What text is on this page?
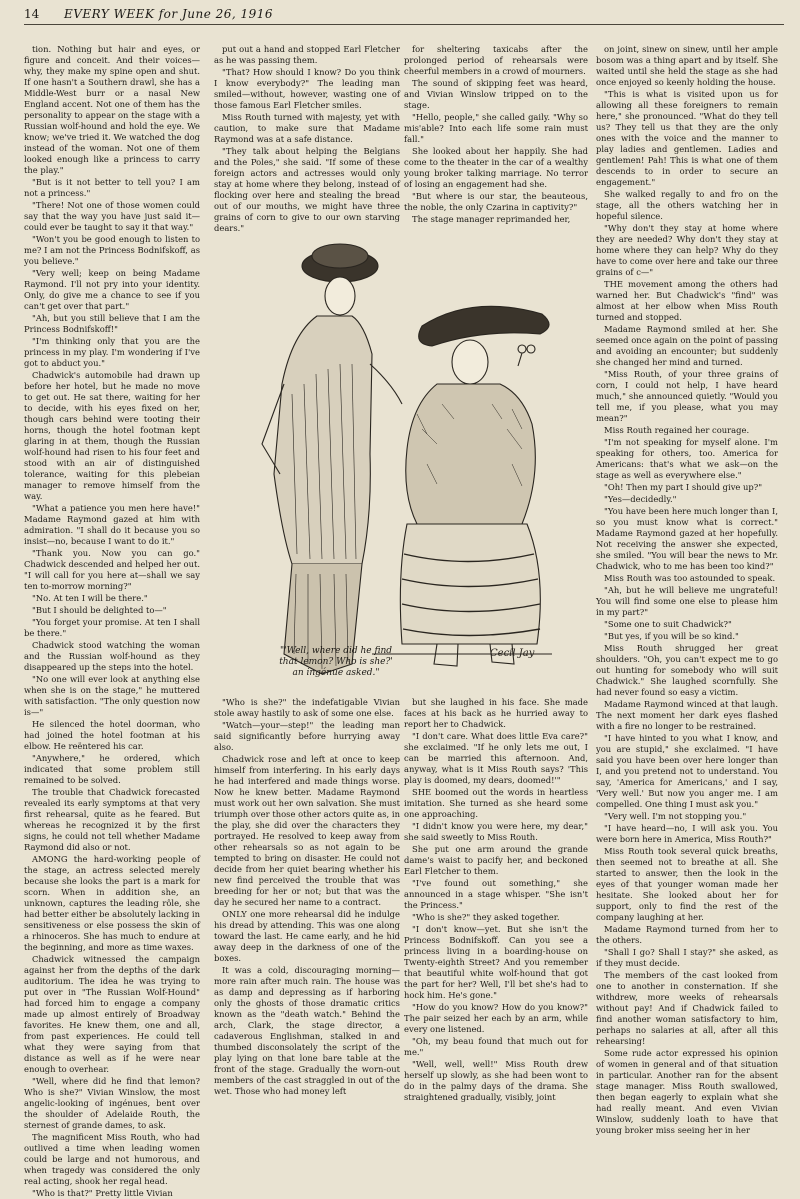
14 EVERY WEEK for June 26, 1916

tion. Nothing but hair and eyes, or figure and conceit. And their voices—why, they make my spine open and shut. If one hasn't a Southern drawl, she has a Middle-West burr or a nasal New England accent. Not one of them has the personality to appear on the stage with a Russian wolf-hound and hold the eye. We know; we've tried it. We watched the dog instead of the woman. Not one of them looked enough like a princess to carry the play."

"But is it not better to tell you? I am not a princess."

"There! Not one of those women could say that the way you have just said it—could ever be taught to say it that way."

"Won't you be good enough to listen to me? I am not the Princess Bodnifskoff, as you believe."

"Very well; keep on being Madame Raymond. I'll not pry into your identity. Only, do give me a chance to see if you can't get over that part."

"Ah, but you still believe that I am the Princess Bodnifskoff!"

"I'm thinking only that you are the princess in my play. I'm wondering if I've got to abduct you."

Chadwick's automobile had drawn up before her hotel, but he made no move to get out. He sat there, waiting for her to decide, with his eyes fixed on her, though cars behind were tooting their horns, though the hotel footman kept glaring in at them, though the Russian wolf-hound had risen to his four feet and stood with an air of distinguished tolerance, waiting for this plebeian manager to remove himself from the way.

"What a patience you men here have!" Madame Raymond gazed at him with admiration. "I shall do it because you so insist—no, because I want to do it."

"Thank you. Now you can go." Chadwick descended and helped her out. "I will call for you here at—shall we say ten to-morrow morning?"

"No. At ten I will be there."

"But I should be delighted to—"

"You forget your promise. At ten I shall be there."

Chadwick stood watching the woman and the Russian wolf-hound as they disappeared up the steps into the hotel.

"No one will ever look at anything else when she is on the stage," he muttered with satisfaction. "The only question now is—"

He silenced the hotel doorman, who had joined the hotel footman at his elbow. He reëntered his car.

"Anywhere," he ordered, which indicated that some problem still remained to be solved.

The trouble that Chadwick forecasted revealed its early symptoms at that very first rehearsal, quite as he feared. But whereas he recognized it by the first signs, he could not tell whether Madame Raymond did also or not.

AMONG the hard-working people of the stage, an actress selected merely because she looks the part is a mark for scorn. When in addition she, an unknown, captures the leading rôle, she had better either be absolutely lacking in sensitiveness or else possess the skin of a rhinoceros. She has much to endure at the beginning, and more as time waxes.

Chadwick witnessed the campaign against her from the depths of the dark auditorium. The idea he was trying to put over in "The Russian Wolf-Hound" had forced him to engage a company made up almost entirely of Broadway favorites. He knew them, one and all, from past experiences. He could tell what they were saying from that distance as well as if he were near enough to overhear.

"Well, where did he find that lemon? Who is she?" Vivian Winslow, the most angelic-looking of ingénues, bent over the shoulder of Adelaide Routh, the sternest of grande dames, to ask.

The magnificent Miss Routh, who had outlived a time when leading women could be large and not humorous, and when tragedy was considered the only real acting, shook her regal head.

"Who is that?" Pretty little Vivian

put out a hand and stopped Earl Fletcher as he was passing them.

"That? How should I know? Do you think I know everybody?" The leading man smiled—without, however, wasting one of those famous Earl Fletcher smiles.

Miss Routh turned with majesty, yet with caution, to make sure that Madame Raymond was at a safe distance.

"They talk about helping the Belgians and the Poles," she said. "If some of these foreign actors and actresses would only stay at home where they belong, instead of flocking over here and stealing the bread out of our mouths, we might have three grains of corn to give to our own starving dears."

for sheltering taxicabs after the prolonged period of rehearsals were cheerful members in a crowd of mourners.

The sound of skipping feet was heard, and Vivian Winslow tripped on to the stage.

"Hello, people," she called gaily. "Why so mis'able? Into each life some rain must fall."

She looked about her happily. She had come to the theater in the car of a wealthy young broker talking marriage. No terror of losing an engagement had she.

"But where is our star, the beauteous, the noble, the only Czarina in captivity?"

The stage manager reprimanded her,

on joint, sinew on sinew, until her ample bosom was a thing apart and by itself. She waited until she held the stage as she had once enjoyed so keenly holding the house.

"This is what is visited upon us for allowing all these foreigners to remain here," she pronounced. "What do they tell us? They tell us that they are the only ones with the voice and the manner to play ladies and gentlemen. Ladies and gentlemen! Pah! This is what one of them descends to in order to secure an engagement."

She walked regally to and fro on the stage, all the others watching her in hopeful silence.

"Why don't they stay at home where they are needed? Why don't they stay at home where they can help? Why do they have to come over here and take our three grains of c—"

THE movement among the others had warned her. But Chadwick's "find" was almost at her elbow when Miss Routh turned and stopped.

Madame Raymond smiled at her. She seemed once again on the point of passing and avoiding an encounter; but suddenly she changed her mind and turned.

"Miss Routh, of your three grains of corn, I could not help, I have heard much," she announced quietly. "Would you tell me, if you please, what you may mean?"

Miss Routh regained her courage.

"I'm not speaking for myself alone. I'm speaking for others, too. America for Americans: that's what we ask—on the stage as well as everywhere else."

"Oh! Then my part I should give up?"

"Yes—decidedly."

"You have been here much longer than I, so you must know what is correct." Madame Raymond gazed at her hopefully. Not receiving the answer she expected, she smiled. "You will bear the news to Mr. Chadwick, who to me has been too kind?"

Miss Routh was too astounded to speak.

"Ah, but he will believe me ungrateful! You will find some one else to please him in my part?"

"Some one to suit Chadwick?"

"But yes, if you will be so kind."

Miss Routh shrugged her great shoulders. "Oh, you can't expect me to go out hunting for somebody who will suit Chadwick." She laughed scornfully. She had never found so easy a victim.

Madame Raymond winced at that laugh. The next moment her dark eyes flashed with a fire no longer to be restrained.

"I have hinted to you what I know, and you are stupid," she exclaimed. "I have said you have been over here longer than I, and you pretend not to understand. You say, 'America for Americans,' and I say, 'Very well.' But now you anger me. I am compelled. One thing I must ask you."

"Very well. I'm not stopping you."

"I have heard—no, I will ask you. You were born here in America, Miss Routh?"

Miss Routh took several quick breaths, then seemed not to breathe at all. She started to answer, then the look in the eyes of that younger woman made her hesitate. She looked about her for support, only to find the rest of the company laughing at her.

Madame Raymond turned from her to the others.

"Shall I go? Shall I stay?" she asked, as if they must decide.

The members of the cast looked from one to another in consternation. If she withdrew, more weeks of rehearsals without pay! And if Chadwick failed to find another woman satisfactory to him, perhaps no salaries at all, after all this rehearsing!

Some rude actor expressed his opinion of women in general and of that situation in particular. Another ran for the absent stage manager. Miss Routh swallowed, then began eagerly to explain what she had really meant. And even Vivian Winslow, suddenly loath to have that young broker miss seeing her in her

"Who is she?" the indefatigable Vivian stole away hastily to ask of some one else.

"Watch—your—step!" the leading man said significantly before hurrying away also.

Chadwick rose and left at once to keep himself from interfering. In his early days he had interfered and made things worse. Now he knew better. Madame Raymond must work out her own salvation. She must triumph over those other actors quite as, in the play, she did over the characters they portrayed. He resolved to keep away from other rehearsals so as not again to be tempted to bring on disaster. He could not decide from her quiet bearing whether his new find perceived the trouble that was breeding for her or not; but that was the day he secured her name to a contract.

ONLY one more rehearsal did he indulge his dread by attending. This was one along toward the last. He came early, and he hid away deep in the darkness of one of the boxes.

It was a cold, discouraging morning—more rain after much rain. The house was as damp and depressing as if harboring only the ghosts of those dramatic critics known as the "death watch." Behind the arch, Clark, the stage director, a cadaverous Englishman, stalked in and thumbed disconsolately the script of the play lying on that lone bare table at the front of the stage. Gradually the worn-out members of the cast straggled in out of the wet. Those who had money left

but she laughed in his face. She made faces at his back as he hurried away to report her to Chadwick.

"I don't care. What does little Eva care?" she exclaimed. "If he only lets me out, I can be married this afternoon. And, anyway, what is it Miss Routh says? 'This play is doomed, my dears, doomed!'"

SHE boomed out the words in heartless imitation. She turned as she heard some one approaching.

"I didn't know you were here, my dear," she said sweetly to Miss Routh.

She put one arm around the grande dame's waist to pacify her, and beckoned Earl Fletcher to them.

"I've found out something," she announced in a stage whisper. "She isn't the Princess."

"Who is she?" they asked together.

"I don't know—yet. But she isn't the Princess Bodnifskoff. Can you see a princess living in a boarding-house on Twenty-eighth Street? And you remember that beautiful white wolf-hound that got the part for her? Well, I'll bet she's had to hock him. He's gone."

"How do you know? How do you know?" The pair seized her each by an arm, while every one listened.

"Oh, my beau found that much out for me."

"Well, well, well!" Miss Routh drew herself up slowly, as she had been wont to do in the palmy days of the drama. She straightened gradually, visibly, joint

Cecil Jay
"'Well, where did he find that lemon? Who is she?' an ingénue asked."
